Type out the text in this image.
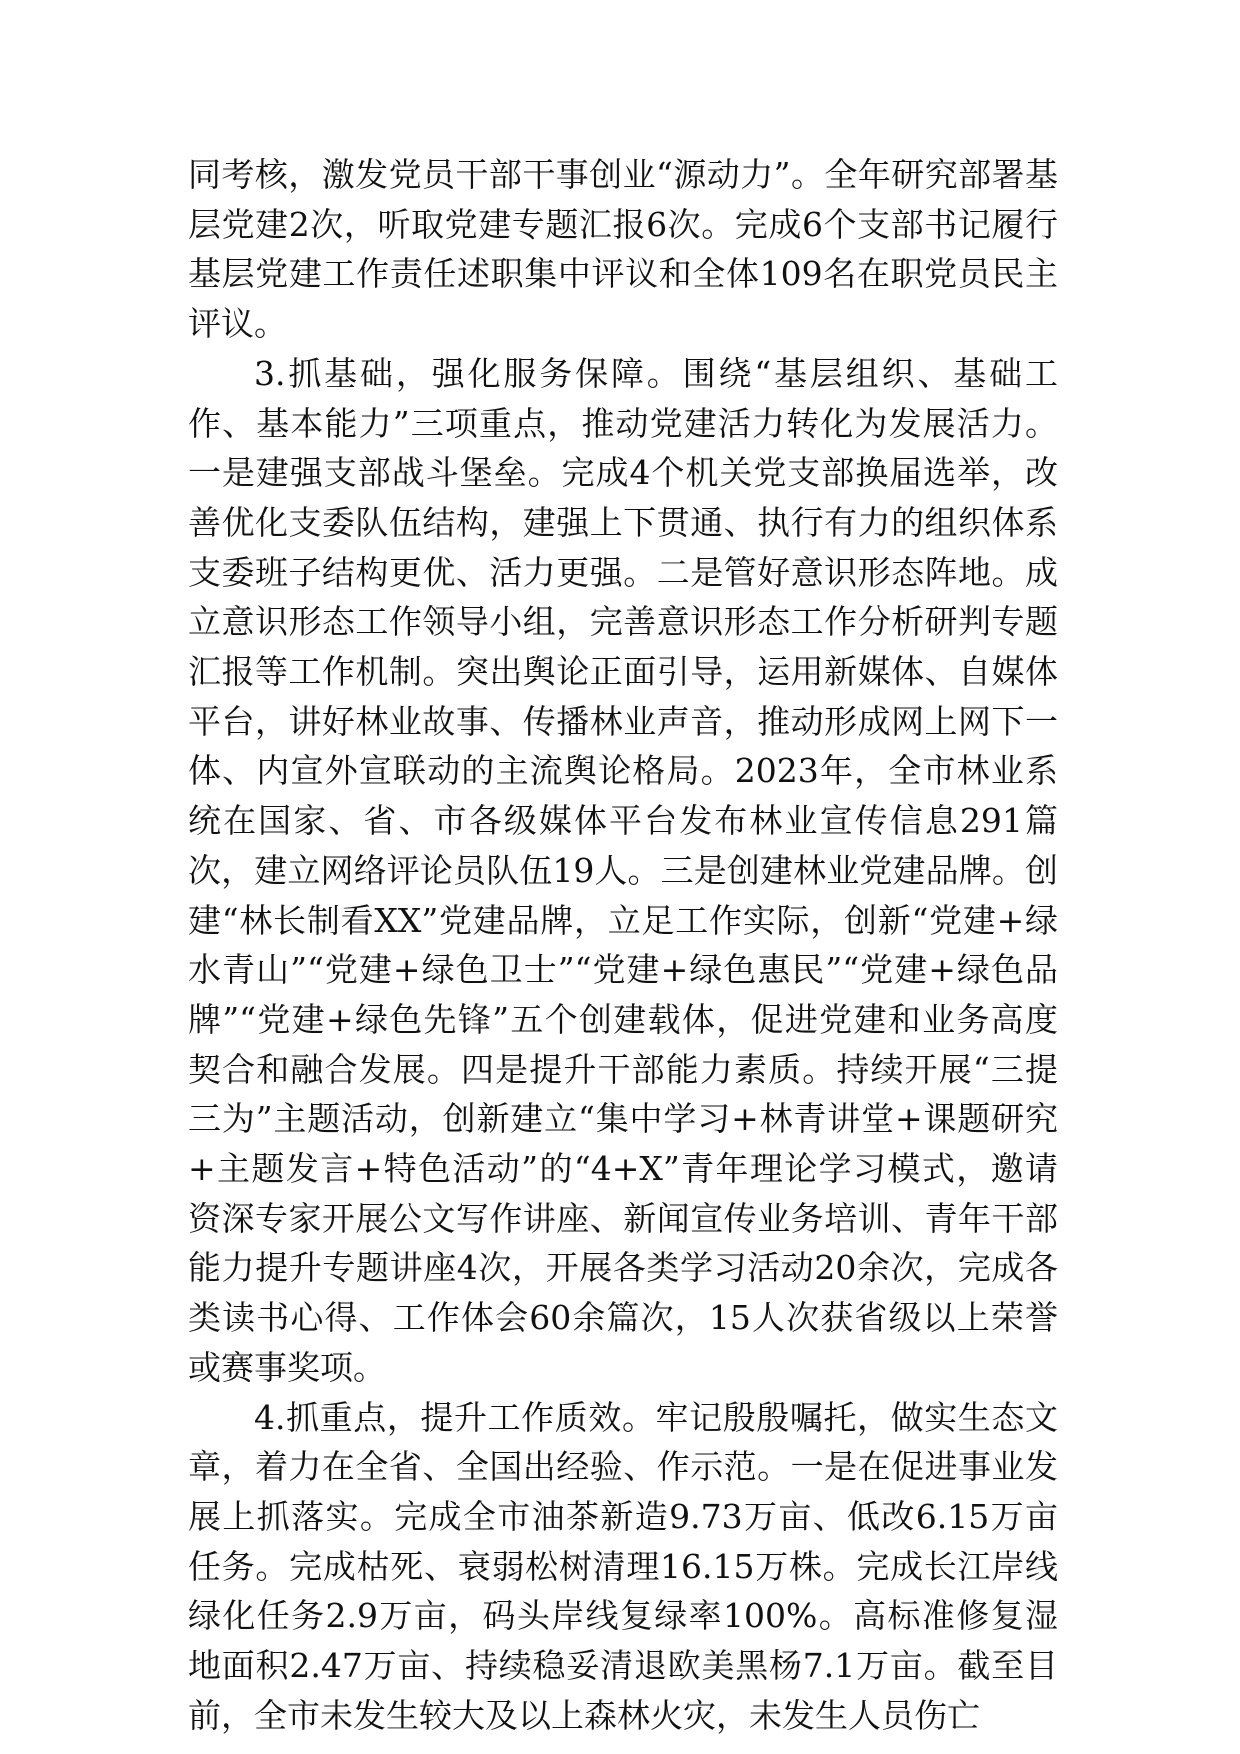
同考核，激发党员干部干事创业“源动力”。全年研究部署基层党建2次，听取党建专题汇报6次。完成6个支部书记履行基层党建工作责任述职集中评议和全体109名在职党员民主评议。

3.抓基础，强化服务保障。围绕“基层组织、基础工作、基本能力”三项重点，推动党建活力转化为发展活力。一是建强支部战斗堡垒。完成4个机关党支部换届选举，改善优化支委队伍结构，建强上下贯通、执行有力的组织体系支委班子结构更优、活力更强。二是管好意识形态阵地。成立意识形态工作领导小组，完善意识形态工作分析研判专题汇报等工作机制。突出舆论正面引导，运用新媒体、自媒体平台，讲好林业故事、传播林业声音，推动形成网上网下一体、内宣外宣联动的主流舆论格局。2023年，全市林业系统在国家、省、市各级媒体平台发布林业宣传信息291篇次，建立网络评论员队伍19人。三是创建林业党建品牌。创建“林长制看XX”党建品牌，立足工作实际，创新“党建+绿水青山”“党建+绿色卫士”“党建+绿色惠民”“党建+绿色品牌”“党建+绿色先锋”五个创建载体，促进党建和业务高度契合和融合发展。四是提升干部能力素质。持续开展“三提三为”主题活动，创新建立“集中学习+林青讲堂+课题研究+主题发言+特色活动”的“4+X”青年理论学习模式，邀请资深专家开展公文写作讲座、新闻宣传业务培训、青年干部能力提升专题讲座4次，开展各类学习活动20余次，完成各类读书心得、工作体会60余篇次，15人次获省级以上荣誉或赛事奖项。

4.抓重点，提升工作质效。牢记殷殷嘱托，做实生态文章，着力在全省、全国出经验、作示范。一是在促进事业发展上抓落实。完成全市油茶新造9.73万亩、低改6.15万亩任务。完成枯死、衰弱松树清理16.15万株。完成长江岸线绿化任务2.9万亩，码头岸线复绿率100%。高标准修复湿地面积2.47万亩、持续稳妥清退欧美黑杨7.1万亩。截至目前，全市未发生较大及以上森林火灾，未发生人员伤亡
